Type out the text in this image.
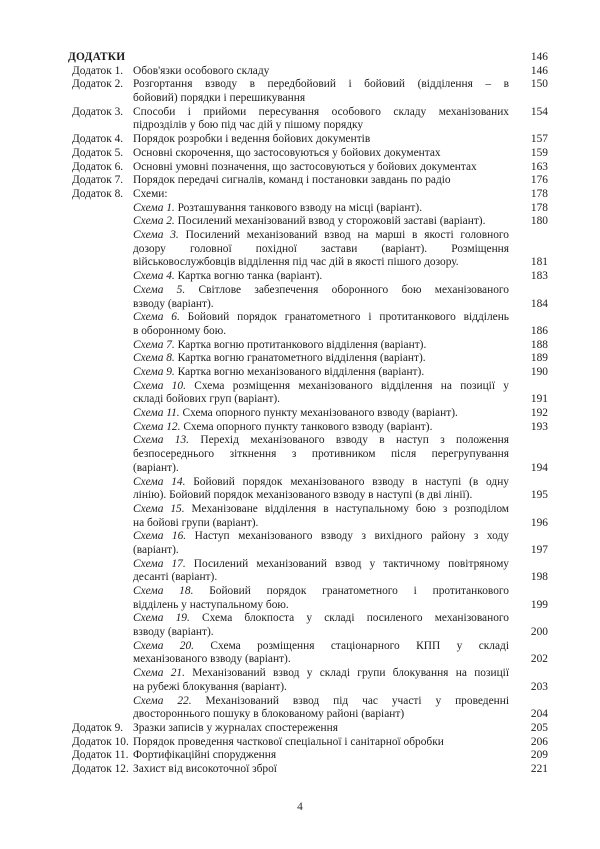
ДОДАТКИ	146
Додаток 1. Обов'язки особового складу	146
Додаток 2. Розгортання взводу в передбойовий і бойовий (відділення – в
бойовий) порядки і перешикування
150
Додаток 3. Способи і прийоми пересування особового складу механізованих
підрозділів у бою під час дій у пішому порядку
154
Додаток 4. Порядок розробки і ведення бойових документів	157
Додаток 5. Основні скорочення, що застосовуються у бойових документах	159
Додаток 6. Основні умовні позначення, що застосовуються у бойових документах	163
Додаток 7. Порядок передачі сигналів, команд і постановки завдань по радіо	176
Додаток 8. Схеми:	178
Схема 1. Розташування танкового взводу на місці (варіант).	178
Схема 2. Посилений механізований взвод у сторожовій заставі (варіант).	180
Схема 3. Посилений механізований взвод на марші в якості головного
дозору головної похідної застави (варіант). Розміщення
військовослужбовців відділення під час дій в якості пішого дозору.	181
Схема 4. Картка вогню танка (варіант).	183
Схема 5. Світлове забезпечення оборонного бою механізованого
взводу (варіант).	184
Схема 6. Бойовий порядок гранатометного і протитанкового відділень
в оборонному бою.	186
Схема 7. Картка вогню протитанкового відділення (варіант).	188
Схема 8. Картка вогню гранатометного відділення (варіант).	189
Схема 9. Картка вогню механізованого відділення (варіант).	190
Схема 10. Схема розміщення механізованого відділення на позиції у
складі бойових груп (варіант).	191
Схема 11. Схема опорного пункту механізованого взводу (варіант).	192
Схема 12. Схема опорного пункту танкового взводу (варіант).	193
Схема 13. Перехід механізованого взводу в наступ з положення
безпосереднього зіткнення з противником після перегрупування
(варіант).	194
Схема 14. Бойовий порядок механізованого взводу в наступі (в одну
лінію). Бойовий порядок механізованого взводу в наступі (в дві лінії).	195
Схема 15. Механізоване відділення в наступальному бою з розподілом
на бойові групи (варіант).	196
Схема 16. Наступ механізованого взводу з вихідного району з ходу
(варіант).	197
Схема 17. Посилений механізований взвод у тактичному повітряному
десанті (варіант).	198
Схема 18. Бойовий порядок гранатометного і протитанкового
відділень у наступальному бою.	199
Схема 19. Схема блокпоста у складі посиленого механізованого
взводу (варіант).	200
Схема 20. Схема розміщення стаціонарного КПП у складі
механізованого взводу (варіант).	202
Схема 21. Механізований взвод у складі групи блокування на позиції
на рубежі блокування (варіант).	203
Схема 22. Механізований взвод під час участі у проведенні
двостороннього пошуку в блокованому районі (варіант)	204
Додаток 9. Зразки записів у журналах спостереження	205
Додаток 10. Порядок проведення часткової спеціальної і санітарної обробки	206
Додаток 11. Фортифікаційні спорудження	209
Додаток 12. Захист від високоточної зброї	221
4
